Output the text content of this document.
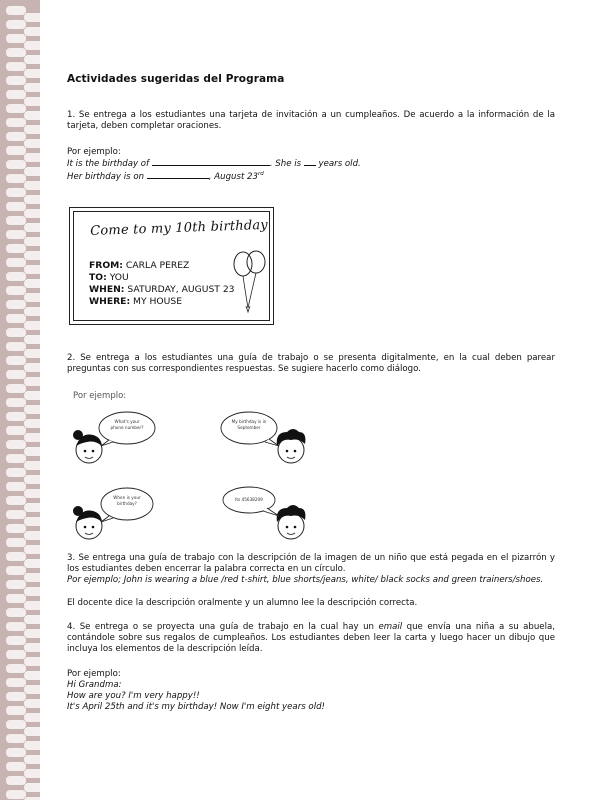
Actividades sugeridas del Programa
1. Se entrega a los estudiantes una tarjeta de invitación a un cumpleaños. De acuerdo a la información de la tarjeta, deben completar oraciones.
Por ejemplo:
It is the birthday of	. She is  years old.
Her birthday is on	, August 23rd
Come to my 10th birthday
FROM: CARLA PEREZ
TO: YOU
WHEN: SATURDAY, AUGUST 23
WHERE: MY HOUSE
2. Se entrega a los estudiantes una guía de trabajo o se presenta digitalmente, en la cual deben parear preguntas con sus correspondientes respuestas. Se sugiere hacerlo como diálogo.
Por ejemplo:
What's your phone number?
My birthday is in September
When is your birthday?
Its 45638209
3. Se entrega una guía de trabajo con la descripción de la imagen de un niño que está pegada en el pizarrón y los estudiantes deben encerrar la palabra correcta en un círculo.
Por ejemplo; John is wearing a blue /red t-shirt, blue shorts/jeans, white/ black socks and green trainers/shoes.
El docente dice la descripción oralmente y un alumno lee la descripción correcta.
4. Se entrega o se proyecta una guía de trabajo en la cual hay un email que envía una niña a su abuela, contándole sobre sus regalos de cumpleaños. Los estudiantes deben leer la carta y luego hacer un dibujo que incluya los elementos de la descripción leída.
Por ejemplo:
Hi Grandma:
How are you? I'm very happy!!
It's April 25th and it's my birthday! Now I'm eight years old!
